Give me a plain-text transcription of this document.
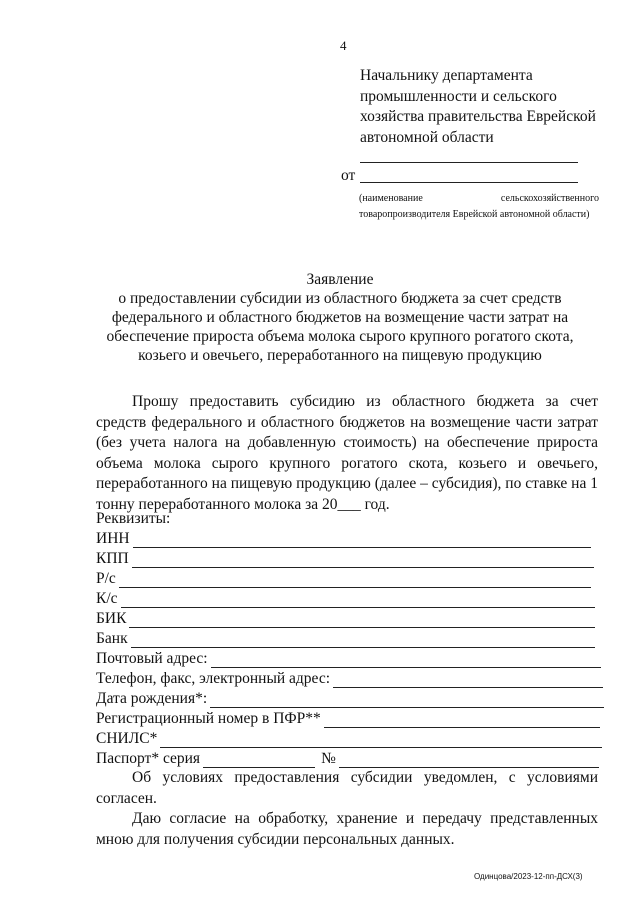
4
Начальнику департамента промышленности и сельского хозяйства правительства Еврейской автономной области
от
(наименование сельскохозяйственного товаропроизводителя Еврейской автономной области)
Заявление
о предоставлении субсидии из областного бюджета за счет средств федерального и областного бюджетов на возмещение части затрат на обеспечение прироста объема молока сырого крупного рогатого скота, козьего и овечьего, переработанного на пищевую продукцию
Прошу предоставить субсидию из областного бюджета за счет средств федерального и областного бюджетов на возмещение части затрат (без учета налога на добавленную стоимость) на обеспечение прироста объема молока сырого крупного рогатого скота, козьего и овечьего, переработанного на пищевую продукцию (далее – субсидия), по ставке на 1 тонну переработанного молока за 20___ год.
Реквизиты:
ИНН
КПП
Р/с
К/с
БИК
Банк
Почтовый адрес:
Телефон, факс, электронный адрес:
Дата рождения*:
Регистрационный номер в ПФР**
СНИЛС*
Паспорт* серия	№
Об условиях предоставления субсидии уведомлен, с условиями согласен.
Даю согласие на обработку, хранение и передачу представленных мною для получения субсидии персональных данных.
Одинцова/2023-12-пп-ДСХ(3)
